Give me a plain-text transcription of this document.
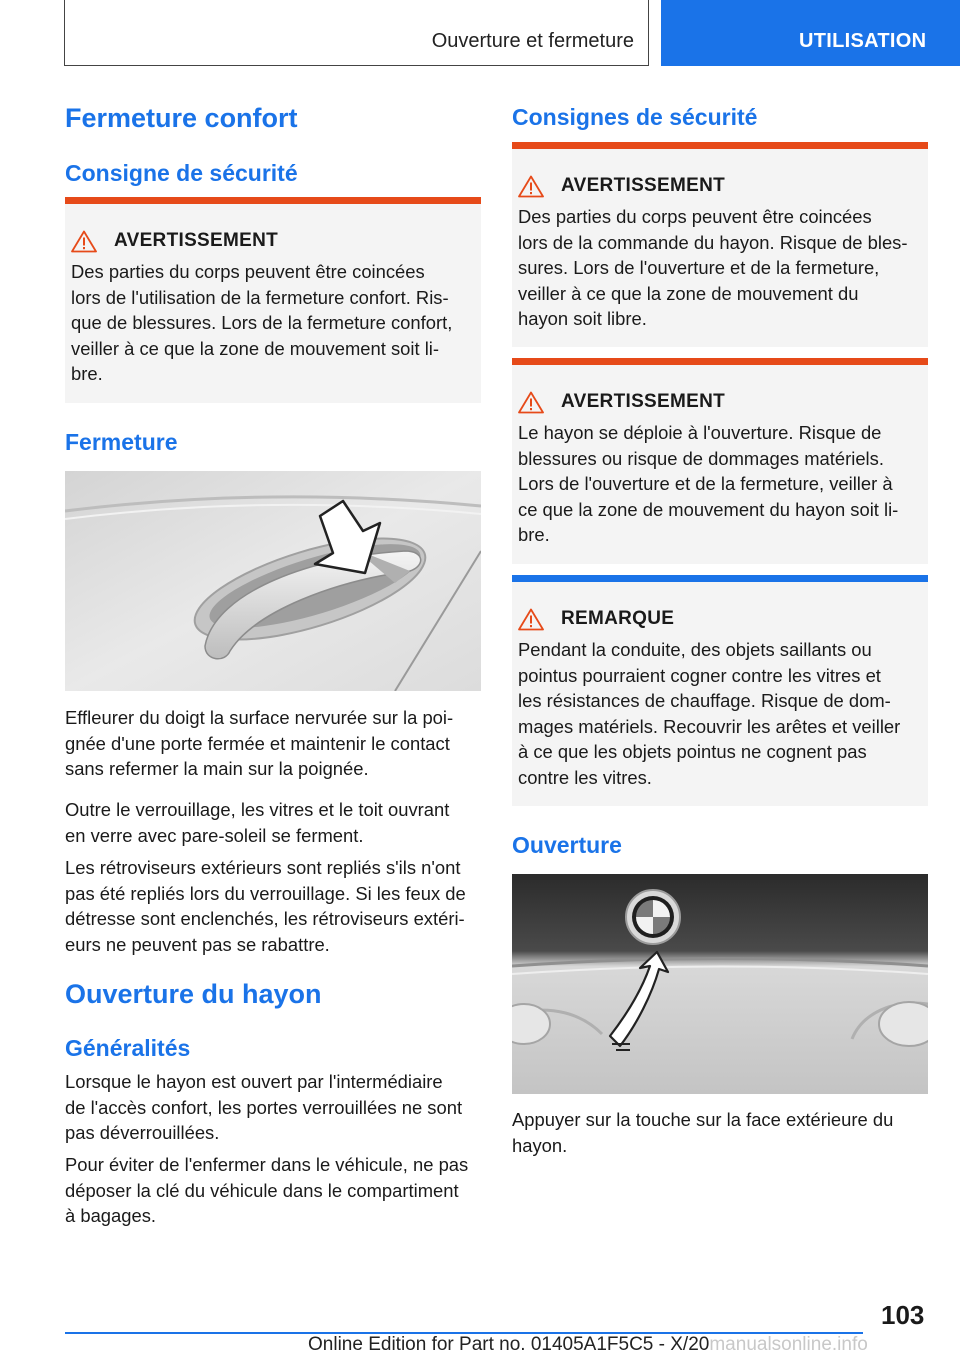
Ouverture et fermeture	UTILISATION
Fermeture confort
Consigne de sécurité
AVERTISSEMENT
Des parties du corps peuvent être coincées
lors de l'utilisation de la fermeture confort. Ris-
que de blessures. Lors de la fermeture confort,
veiller à ce que la zone de mouvement soit li-
bre.
Fermeture
Effleurer du doigt la surface nervurée sur la poi-
gnée d'une porte fermée et maintenir le contact
sans refermer la main sur la poignée.
Outre le verrouillage, les vitres et le toit ouvrant
en verre avec pare-soleil se ferment.
Les rétroviseurs extérieurs sont repliés s'ils n'ont
pas été repliés lors du verrouillage. Si les feux de
détresse sont enclenchés, les rétroviseurs extéri-
eurs ne peuvent pas se rabattre.
Ouverture du hayon
Généralités
Lorsque le hayon est ouvert par l'intermédiaire
de l'accès confort, les portes verrouillées ne sont
pas déverrouillées.
Pour éviter de l'enfermer dans le véhicule, ne pas
déposer la clé du véhicule dans le compartiment
à bagages.
Consignes de sécurité
AVERTISSEMENT
Des parties du corps peuvent être coincées
lors de la commande du hayon. Risque de bles-
sures. Lors de l'ouverture et de la fermeture,
veiller à ce que la zone de mouvement du
hayon soit libre.
AVERTISSEMENT
Le hayon se déploie à l'ouverture. Risque de
blessures ou risque de dommages matériels.
Lors de l'ouverture et de la fermeture, veiller à
ce que la zone de mouvement du hayon soit li-
bre.
REMARQUE
Pendant la conduite, des objets saillants ou
pointus pourraient cogner contre les vitres et
les résistances de chauffage. Risque de dom-
mages matériels. Recouvrir les arêtes et veiller
à ce que les objets pointus ne cognent pas
contre les vitres.
Ouverture
Appuyer sur la touche sur la face extérieure du
hayon.
103
Online Edition for Part no. 01405A1F5C5 - X/20manualsonline.info
